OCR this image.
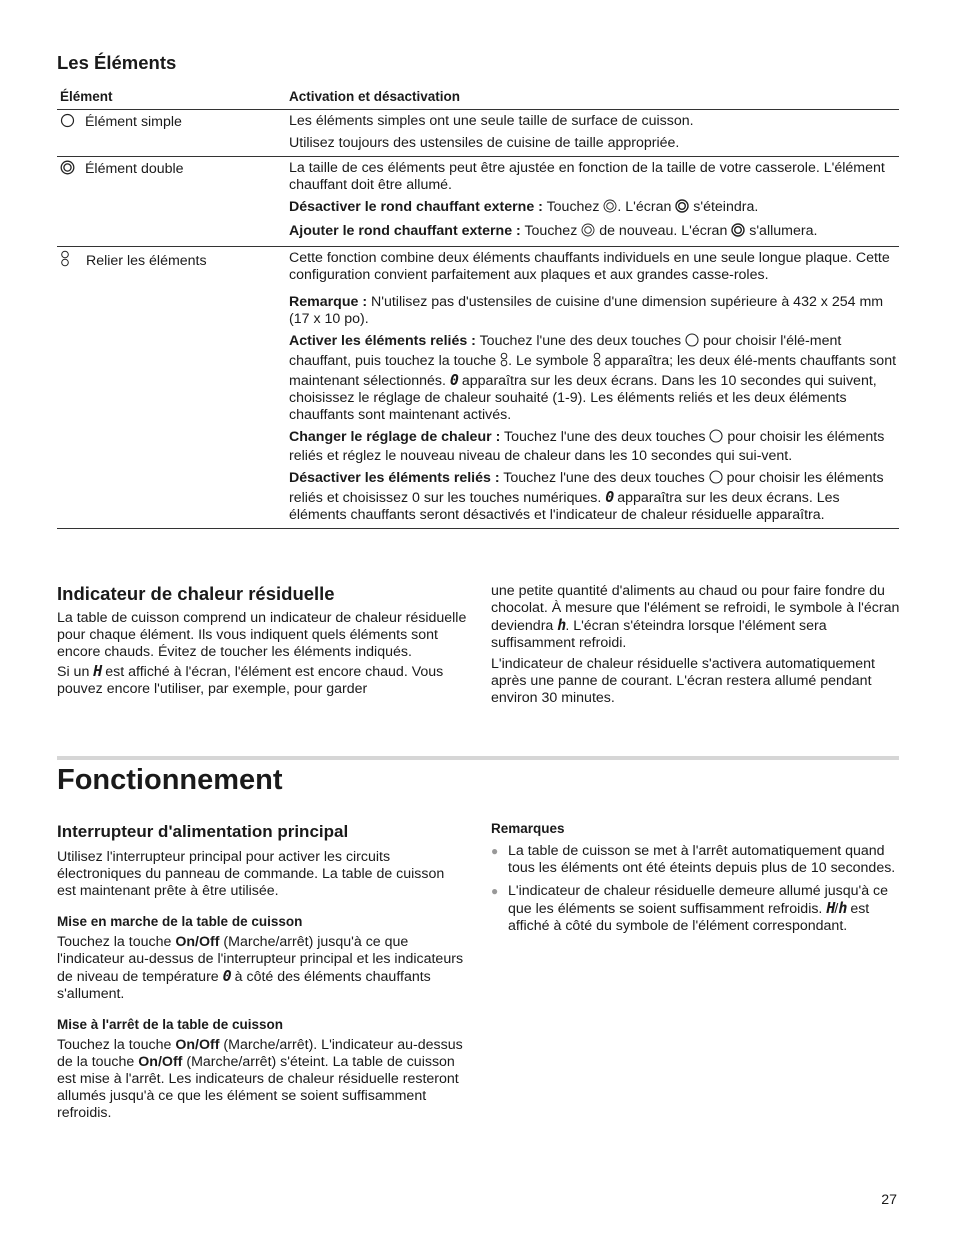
Les Éléments
Élément	Activation et désactivation
Élément simple	Les éléments simples ont une seule taille de surface de cuisson.

Utilisez toujours des ustensiles de cuisine de taille appropriée.

Élément double	La taille de ces éléments peut être ajustée en fonction de la taille de votre casserole. L'élément chauffant doit être allumé.

Désactiver le rond chauffant externe : Touchez . L'écran s'éteindra.

Ajouter le rond chauffant externe : Touchez de nouveau. L'écran s'allumera.

Relier les éléments	Cette fonction combine deux éléments chauffants individuels en une seule longue plaque. Cette configuration convient parfaitement aux plaques et aux grandes casse-roles.

Remarque : N'utilisez pas d'ustensiles de cuisine d'une dimension supérieure à 432 x 254 mm (17 x 10 po).

Activer les éléments reliés : Touchez l'une des deux touches pour choisir l'élé-ment chauffant, puis touchez la touche . Le symbole apparaîtra; les deux élé-ments chauffants sont maintenant sélectionnés. 0 apparaîtra sur les deux écrans. Dans les 10 secondes qui suivent, choisissez le réglage de chaleur souhaité (1-9). Les éléments reliés et les deux éléments chauffants sont maintenant activés.

Changer le réglage de chaleur : Touchez l'une des deux touches pour choisir les éléments reliés et réglez le nouveau niveau de chaleur dans les 10 secondes qui sui-vent.

Désactiver les éléments reliés : Touchez l'une des deux touches pour choisir les éléments reliés et choisissez 0 sur les touches numériques. 0 apparaîtra sur les deux écrans. Les éléments chauffants seront désactivés et l'indicateur de chaleur résiduelle apparaîtra.

Indicateur de chaleur résiduelle

La table de cuisson comprend un indicateur de chaleur résiduelle pour chaque élément. Ils vous indiquent quels éléments sont encore chauds. Évitez de toucher les éléments indiqués.

Si un H est affiché à l'écran, l'élément est encore chaud. Vous pouvez encore l'utiliser, par exemple, pour garder

une petite quantité d'aliments au chaud ou pour faire fondre du chocolat. À mesure que l'élément se refroidi, le symbole à l'écran deviendra h. L'écran s'éteindra lorsque l'élément sera suffisamment refroidi.

L'indicateur de chaleur résiduelle s'activera automatiquement après une panne de courant. L'écran restera allumé pendant environ 30 minutes.

Fonctionnement
Interrupteur d'alimentation principal

Utilisez l'interrupteur principal pour activer les circuits électroniques du panneau de commande. La table de cuisson est maintenant prête à être utilisée.

Mise en marche de la table de cuisson

Touchez la touche On/Off (Marche/arrêt) jusqu'à ce que l'indicateur au-dessus de l'interrupteur principal et les indicateurs de niveau de température 0 à côté des éléments chauffants s'allument.

Mise à l'arrêt de la table de cuisson

Touchez la touche On/Off (Marche/arrêt). L'indicateur au-dessus de la touche On/Off (Marche/arrêt) s'éteint. La table de cuisson est mise à l'arrêt. Les indicateurs de chaleur résiduelle resteront allumés jusqu'à ce que les élément se soient suffisamment refroidis.

Remarques
● La table de cuisson se met à l'arrêt automatiquement quand tous les éléments ont été éteints depuis plus de 10 secondes.
● L'indicateur de chaleur résiduelle demeure allumé jusqu'à ce que les éléments se soient suffisamment refroidis. H/h est affiché à côté du symbole de l'élément correspondant.
27
